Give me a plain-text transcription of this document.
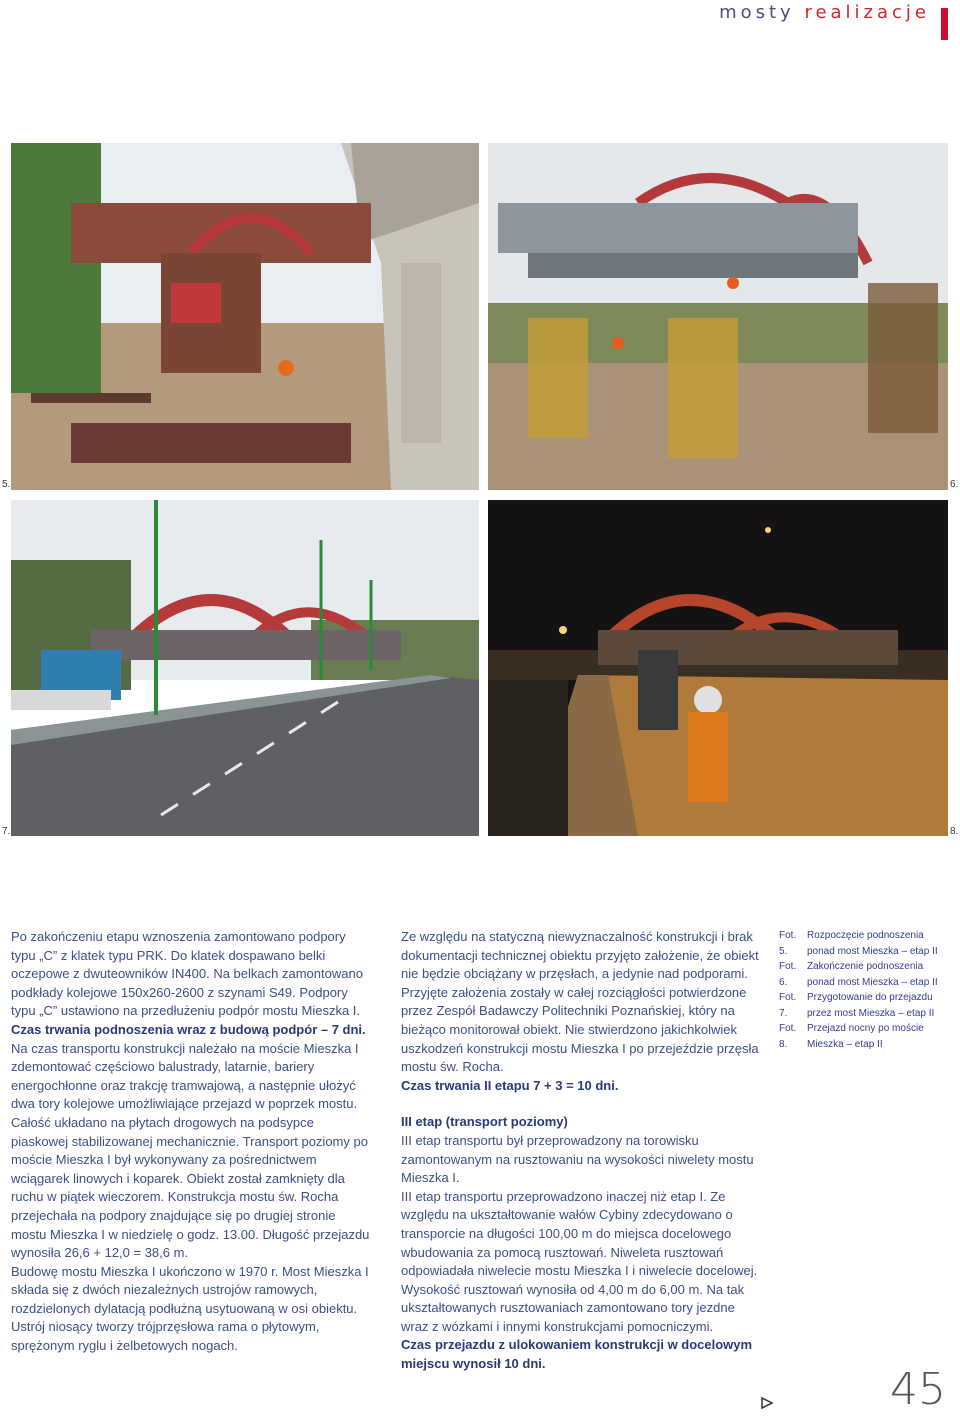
mosty realizacje
5.	6.
7.	8.

Po zakończeniu etapu wznoszenia zamontowano podpory typu „C” z klatek typu PRK. Do klatek dospawano belki oczepowe z dwuteowników IN400. Na belkach zamontowano podkłady kolejowe 150x260-2600 z szynami S49. Podpory typu „C” ustawiono na przedłużeniu podpór mostu Mieszka I.

Czas trwania podnoszenia wraz z budową podpór – 7 dni.

Na czas transportu konstrukcji należało na moście Mieszka I zdemontować częściowo balustrady, latarnie, bariery energochłonne oraz trakcję tramwajową, a następnie ułożyć dwa tory kolejowe umożliwiające przejazd w poprzek mostu. Całość układano na płytach drogowych na podsypce piaskowej stabilizowanej mechanicznie. Transport poziomy po moście Mieszka I był wykonywany za pośrednictwem wciągarek linowych i koparek. Obiekt został zamknięty dla ruchu w piątek wieczorem. Konstrukcja mostu św. Rocha przejechała na podpory znajdujące się po drugiej stronie mostu Mieszka I w niedzielę o godz. 13.00. Długość przejazdu wynosiła 26,6 + 12,0 = 38,6 m.

Budowę mostu Mieszka I ukończono w 1970 r. Most Mieszka I składa się z dwóch niezależnych ustrojów ramowych, rozdzielonych dylatacją podłużną usytuowaną w osi obiektu. Ustrój niosący tworzy trójprzęsłowa rama o płytowym, sprężonym ryglu i żelbetowych nogach.

Ze względu na statyczną niewyznaczalność konstrukcji i brak dokumentacji technicznej obiektu przyjęto założenie, że obiekt nie będzie obciążany w przęsłach, a jedynie nad podporami.

Przyjęte założenia zostały w całej rozciągłości potwierdzone przez Zespół Badawczy Politechniki Poznańskiej, który na bieżąco monitorował obiekt. Nie stwierdzono jakichkolwiek uszkodzeń konstrukcji mostu Mieszka I po przejeździe przęsła mostu św. Rocha.

Czas trwania II etapu 7 + 3 = 10 dni.

III etap (transport poziomy)

III etap transportu był przeprowadzony na torowisku zamontowanym na rusztowaniu na wysokości niwelety mostu Mieszka I.

III etap transportu przeprowadzono inaczej niż etap I. Ze względu na ukształtowanie wałów Cybiny zdecydowano o transporcie na długości 100,00 m do miejsca docelowego wbudowania za pomocą rusztowań. Niweleta rusztowań odpowiadała niwelecie mostu Mieszka I i niwelecie docelowej. Wysokość rusztowań wynosiła od 4,00 m do 6,00 m. Na tak ukształtowanych rusztowaniach zamontowano tory jezdne wraz z wózkami i innymi konstrukcjami pomocniczymi.

Czas przejazdu z ulokowaniem konstrukcji w docelowym miejscu wynosił 10 dni.

Fot. 5.
Rozpoczęcie podnoszenia ponad most Mieszka – etap II
Fot. 6.
Zakończenie podnoszenia ponad most Mieszka – etap II
Fot. 7.
Przygotowanie do przejazdu przez most Mieszka – etap II
Fot. 8.
Przejazd nocny po moście Mieszka – etap II
45
